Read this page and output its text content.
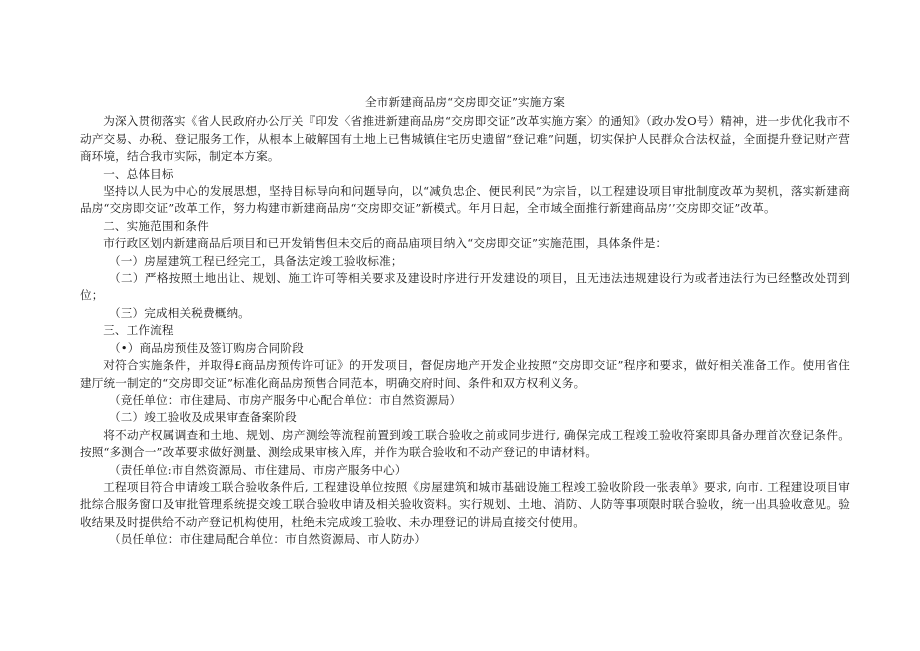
全市新建商品房“交房即交证”实施方案

为深入贯彻落实《省人民政府办公厅关『印发〈省推进新建商品房“交房即交证”改革实施方案〉的通知》（政办发O号）精神，进一步优化我市不动产交易、办税、登记服务工作，从根本上破解国有土地上已售城镇住宅历史遗留“登记难”问题，切实保护人民群众合法权益，全面提升登记财产营商环境，结合我市实际，制定本方案。

一、总体目标

坚持以人民为中心的发展思想，坚持目标导向和问题导向，以“减负忠企、便民利民”为宗旨，以工程建设项目审批制度改革为契机，落实新建商品房“交房即交证”改革工作，努力构建市新建商品房“交房即交证”新模式。年月日起，全市域全面推行新建商品房’’交房即交证”改革。

二、实施范围和条件

市行政区划内新建商品后项目和已开发销售但未交后的商品庙项目纳入“交房即交证”实施范围，具体条件是：

（一）房屋建筑工程已经完工，具备法定竣工验收标准；

（二）严格按照土地出让、规划、施工许可等相关要求及建设时序进行开发建设的项目，且无违法违规建设行为或者违法行为已经整改处罚到位；

（三）完成相关税费概纳。

三、工作流程

（•）商品房预佳及签订购房合同阶段

对符合实施条件，并取得£商品房预传许可证》的开发项目，督促房地产开发企业按照“交房即交证”程序和要求，做好相关准备工作。使用省住建厅统一制定的“交房即交证”标准化商品房预售合同范本，明确交府时间、条件和双方权利义务。

（竞任单位：市住建局、市房产服务中心配合单位：市自然资源局）

（二）竣工验收及成果审查备案阶段

将不动产权属调查和土地、规划、房产测绘等流程前置到竣工联合验收之前或同步进行, 确保完成工程竣工验收符案即具备办理首次登记条件。按照“多测合一”改革要求做好测量、测绘成果审核入库，并作为联合验收和不动产登记的申请材料。

（责任单位:市自然资源局、市住建局、市房产服务中心）

工程项目符合申请竣工联合验收条件后, 工程建设单位按照《房屋建筑和城市基础设施工程竣工验收阶段一张表单》要求, 向市. 工程建设项目审批综合服务窗口及审批管理系统提交竣工联合验收申请及相关验收资料。实行规划、土地、消防、人防等事项限时联合验收，统一出具验收意见。验收结果及时提供给不动产登记机构使用，杜绝未完成竣工验收、未办理登记的讲局直接交付使用。

（员任单位：市住建局配合单位：市自然资源局、市人防办）
